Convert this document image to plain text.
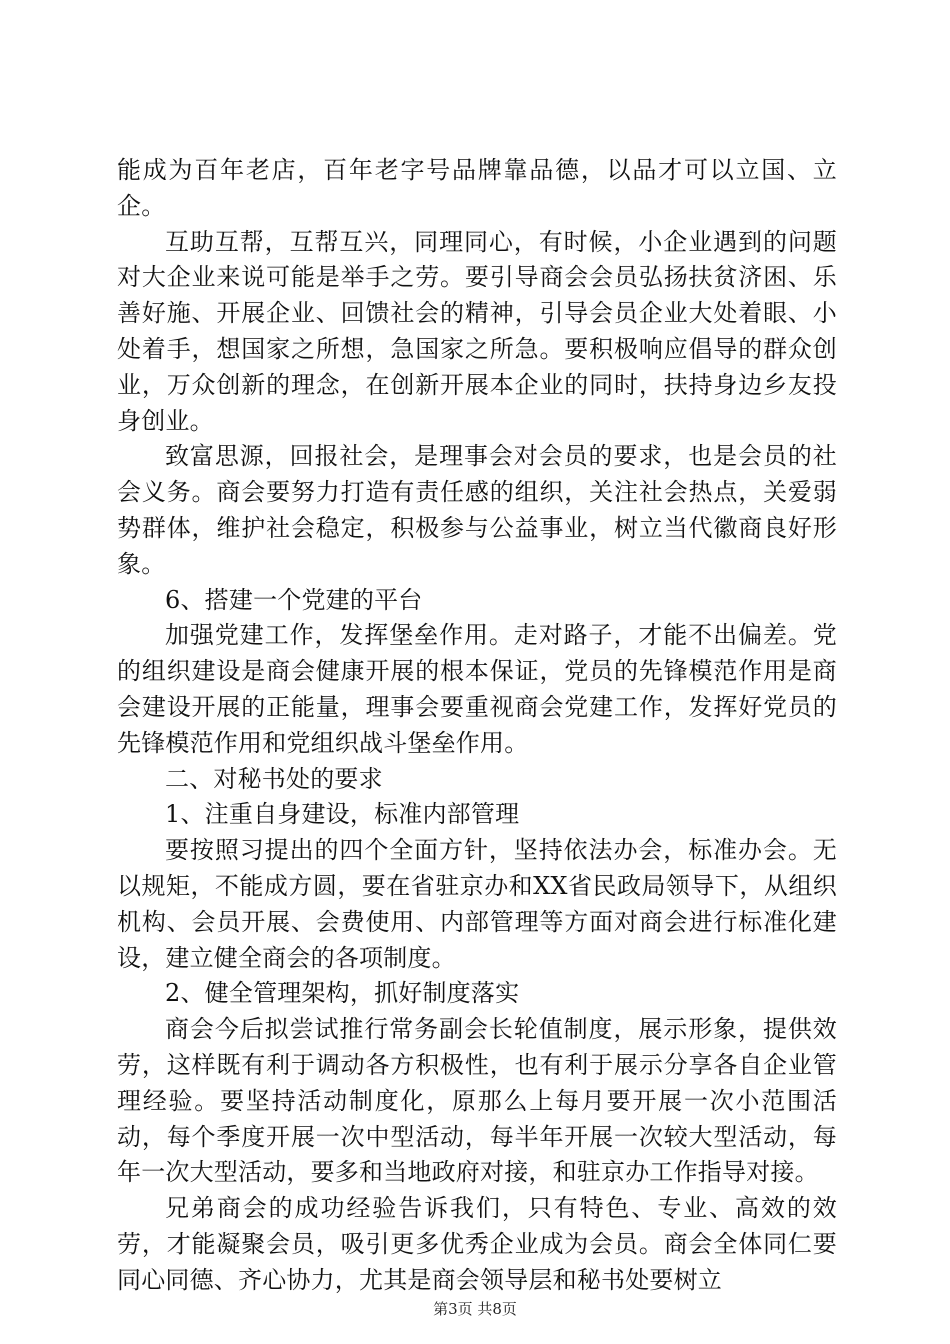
能成为百年老店，百年老字号品牌靠品德，以品才可以立国、立企。

互助互帮，互帮互兴，同理同心，有时候，小企业遇到的问题对大企业来说可能是举手之劳。要引导商会会员弘扬扶贫济困、乐善好施、开展企业、回馈社会的精神，引导会员企业大处着眼、小处着手，想国家之所想，急国家之所急。要积极响应倡导的群众创业，万众创新的理念，在创新开展本企业的同时，扶持身边乡友投身创业。

致富思源，回报社会，是理事会对会员的要求，也是会员的社会义务。商会要努力打造有责任感的组织，关注社会热点，关爱弱势群体，维护社会稳定，积极参与公益事业，树立当代徽商良好形象。

6、搭建一个党建的平台

加强党建工作，发挥堡垒作用。走对路子，才能不出偏差。党的组织建设是商会健康开展的根本保证，党员的先锋模范作用是商会建设开展的正能量，理事会要重视商会党建工作，发挥好党员的先锋模范作用和党组织战斗堡垒作用。

二、对秘书处的要求

1、注重自身建设，标准内部管理

要按照习提出的四个全面方针，坚持依法办会，标准办会。无以规矩，不能成方圆，要在省驻京办和XX省民政局领导下，从组织机构、会员开展、会费使用、内部管理等方面对商会进行标准化建设，建立健全商会的各项制度。

2、健全管理架构，抓好制度落实

商会今后拟尝试推行常务副会长轮值制度，展示形象，提供效劳，这样既有利于调动各方积极性，也有利于展示分享各自企业管理经验。要坚持活动制度化，原那么上每月要开展一次小范围活动，每个季度开展一次中型活动，每半年开展一次较大型活动，每年一次大型活动，要多和当地政府对接，和驻京办工作指导对接。

兄弟商会的成功经验告诉我们，只有特色、专业、高效的效劳，才能凝聚会员，吸引更多优秀企业成为会员。商会全体同仁要同心同德、齐心协力，尤其是商会领导层和秘书处要树立

第3页 共8页
